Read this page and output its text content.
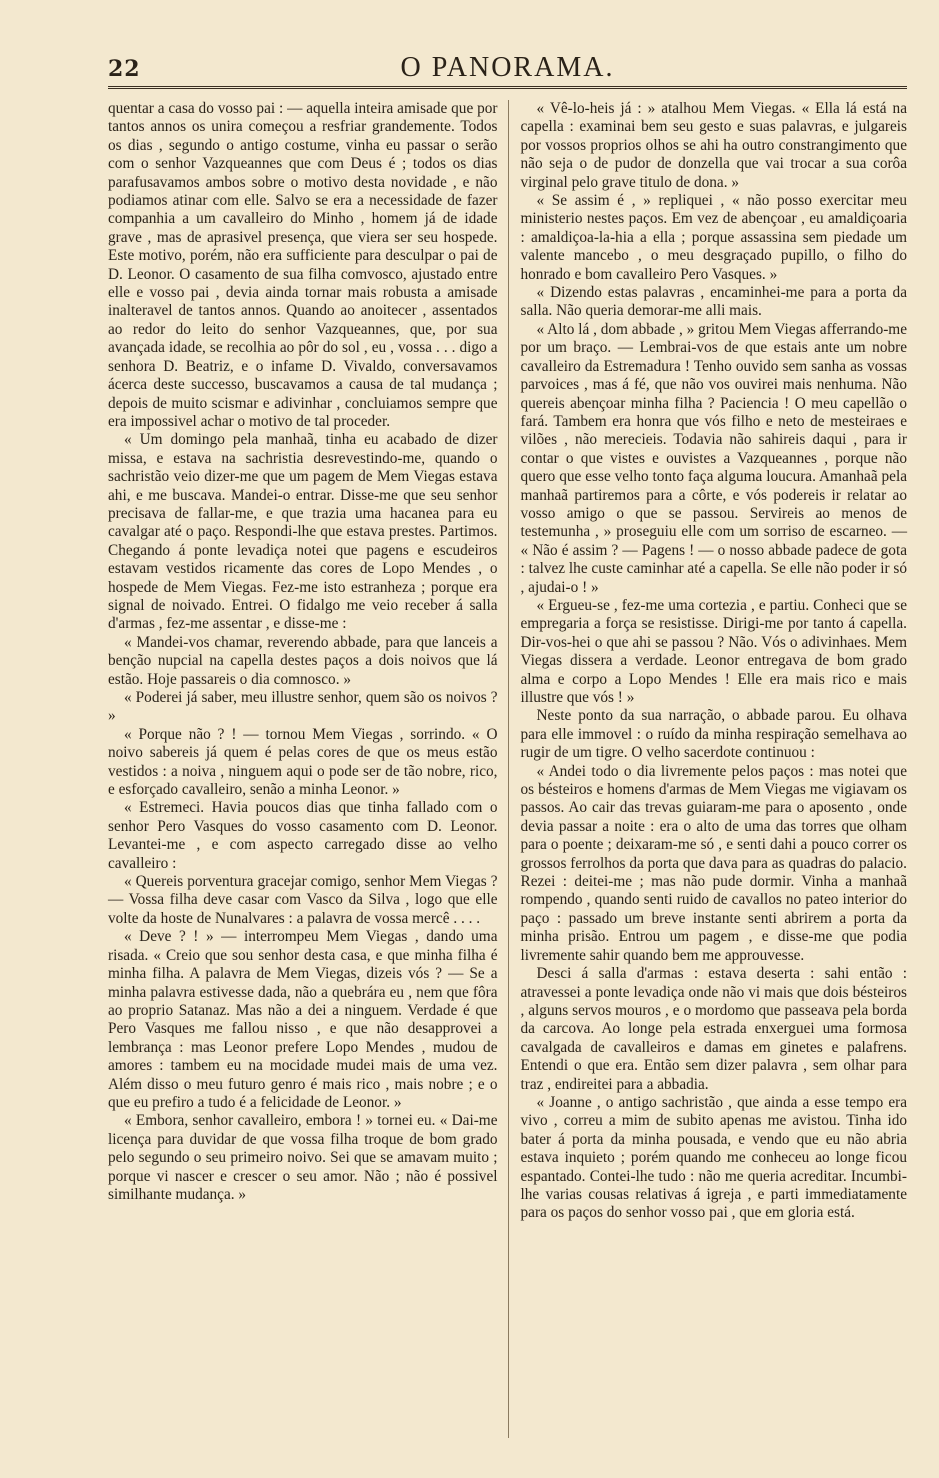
22	O PANORAMA.

quentar a casa do vosso pai : — aquella inteira amisade que por tantos annos os unira começou a resfriar grandemente. Todos os dias , segundo o antigo costume, vinha eu passar o serão com o senhor Vazqueannes que com Deus é ; todos os dias parafusavamos ambos sobre o motivo desta novidade , e não podiamos atinar com elle. Salvo se era a necessidade de fazer companhia a um cavalleiro do Minho , homem já de idade grave , mas de aprasivel presença, que viera ser seu hospede. Este motivo, porém, não era sufficiente para desculpar o pai de D. Leonor. O casamento de sua filha comvosco, ajustado entre elle e vosso pai , devia ainda tornar mais robusta a amisade inalteravel de tantos annos. Quando ao anoitecer , assentados ao redor do leito do senhor Vazqueannes, que, por sua avançada idade, se recolhia ao pôr do sol , eu , vossa . . . digo a senhora D. Beatriz, e o infame D. Vivaldo, conversavamos ácerca deste successo, buscavamos a causa de tal mudança ; depois de muito scismar e adivinhar , concluiamos sempre que era impossivel achar o motivo de tal proceder.

« Um domingo pela manhaã, tinha eu acabado de dizer missa, e estava na sachristia desrevestindo-me, quando o sachristão veio dizer-me que um pagem de Mem Viegas estava ahi, e me buscava. Mandei-o entrar. Disse-me que seu senhor precisava de fallar-me, e que trazia uma hacanea para eu cavalgar até o paço. Respondi-lhe que estava prestes. Partimos. Chegando á ponte levadiça notei que pagens e escudeiros estavam vestidos ricamente das cores de Lopo Mendes , o hospede de Mem Viegas. Fez-me isto estranheza ; porque era signal de noivado. Entrei. O fidalgo me veio receber á salla d'armas , fez-me assentar , e disse-me :

« Mandei-vos chamar, reverendo abbade, para que lanceis a benção nupcial na capella destes paços a dois noivos que lá estão. Hoje passareis o dia comnosco. »

« Poderei já saber, meu illustre senhor, quem são os noivos ? »

« Porque não ? ! — tornou Mem Viegas , sorrindo. « O noivo sabereis já quem é pelas cores de que os meus estão vestidos : a noiva , ninguem aqui o pode ser de tão nobre, rico, e esforçado cavalleiro, senão a minha Leonor. »

« Estremeci. Havia poucos dias que tinha fallado com o senhor Pero Vasques do vosso casamento com D. Leonor. Levantei-me , e com aspecto carregado disse ao velho cavalleiro :

« Quereis porventura gracejar comigo, senhor Mem Viegas ? — Vossa filha deve casar com Vasco da Silva , logo que elle volte da hoste de Nunalvares : a palavra de vossa mercê . . . .

« Deve ? ! » — interrompeu Mem Viegas , dando uma risada. « Creio que sou senhor desta casa, e que minha filha é minha filha. A palavra de Mem Viegas, dizeis vós ? — Se a minha palavra estivesse dada, não a quebrára eu , nem que fôra ao proprio Satanaz. Mas não a dei a ninguem. Verdade é que Pero Vasques me fallou nisso , e que não desapprovei a lembrança : mas Leonor prefere Lopo Mendes , mudou de amores : tambem eu na mocidade mudei mais de uma vez. Além disso o meu futuro genro é mais rico , mais nobre ; e o que eu prefiro a tudo é a felicidade de Leonor. »

« Embora, senhor cavalleiro, embora ! » tornei eu. « Dai-me licença para duvidar de que vossa filha troque de bom grado pelo segundo o seu primeiro noivo. Sei que se amavam muito ; porque vi nascer e crescer o seu amor. Não ; não é possivel similhante mudança. »

« Vê-lo-heis já : » atalhou Mem Viegas. « Ella lá está na capella : examinai bem seu gesto e suas palavras, e julgareis por vossos proprios olhos se ahi ha outro constrangimento que não seja o de pudor de donzella que vai trocar a sua corôa virginal pelo grave titulo de dona. »

« Se assim é , » repliquei , « não posso exercitar meu ministerio nestes paços. Em vez de abençoar , eu amaldiçoaria : amaldiçoa-la-hia a ella ; porque assassina sem piedade um valente mancebo , o meu desgraçado pupillo, o filho do honrado e bom cavalleiro Pero Vasques. »

« Dizendo estas palavras , encaminhei-me para a porta da salla. Não queria demorar-me alli mais.

« Alto lá , dom abbade , » gritou Mem Viegas afferrando-me por um braço. — Lembrai-vos de que estais ante um nobre cavalleiro da Estremadura ! Tenho ouvido sem sanha as vossas parvoices , mas á fé, que não vos ouvirei mais nenhuma. Não quereis abençoar minha filha ? Paciencia ! O meu capellão o fará. Tambem era honra que vós filho e neto de mesteiraes e vilões , não merecieis. Todavia não sahireis daqui , para ir contar o que vistes e ouvistes a Vazqueannes , porque não quero que esse velho tonto faça alguma loucura. Amanhaã pela manhaã partiremos para a côrte, e vós podereis ir relatar ao vosso amigo o que se passou. Servireis ao menos de testemunha , » proseguiu elle com um sorriso de escarneo. — « Não é assim ? — Pagens ! — o nosso abbade padece de gota : talvez lhe custe caminhar até a capella. Se elle não poder ir só , ajudai-o ! »

« Ergueu-se , fez-me uma cortezia , e partiu. Conheci que se empregaria a força se resistisse. Dirigi-me por tanto á capella. Dir-vos-hei o que ahi se passou ? Não. Vós o adivinhaes. Mem Viegas dissera a verdade. Leonor entregava de bom grado alma e corpo a Lopo Mendes ! Elle era mais rico e mais illustre que vós ! »

Neste ponto da sua narração, o abbade parou. Eu olhava para elle immovel : o ruído da minha respiração semelhava ao rugir de um tigre. O velho sacerdote continuou :

« Andei todo o dia livremente pelos paços : mas notei que os bésteiros e homens d'armas de Mem Viegas me vigiavam os passos. Ao cair das trevas guiaram-me para o aposento , onde devia passar a noite : era o alto de uma das torres que olham para o poente ; deixaram-me só , e senti dahi a pouco correr os grossos ferrolhos da porta que dava para as quadras do palacio. Rezei : deitei-me ; mas não pude dormir. Vinha a manhaã rompendo , quando senti ruido de cavallos no pateo interior do paço : passado um breve instante senti abrirem a porta da minha prisão. Entrou um pagem , e disse-me que podia livremente sahir quando bem me approuvesse.

Desci á salla d'armas : estava deserta : sahi então : atravessei a ponte levadiça onde não vi mais que dois bésteiros , alguns servos mouros , e o mordomo que passeava pela borda da carcova. Ao longe pela estrada enxerguei uma formosa cavalgada de cavalleiros e damas em ginetes e palafrens. Entendi o que era. Então sem dizer palavra , sem olhar para traz , endireitei para a abbadia.

« Joanne , o antigo sachristão , que ainda a esse tempo era vivo , correu a mim de subito apenas me avistou. Tinha ido bater á porta da minha pousada, e vendo que eu não abria estava inquieto ; porém quando me conheceu ao longe ficou espantado. Contei-lhe tudo : não me queria acreditar. Incumbi-lhe varias cousas relativas á igreja , e parti immediatamente para os paços do senhor vosso pai , que em gloria está.
